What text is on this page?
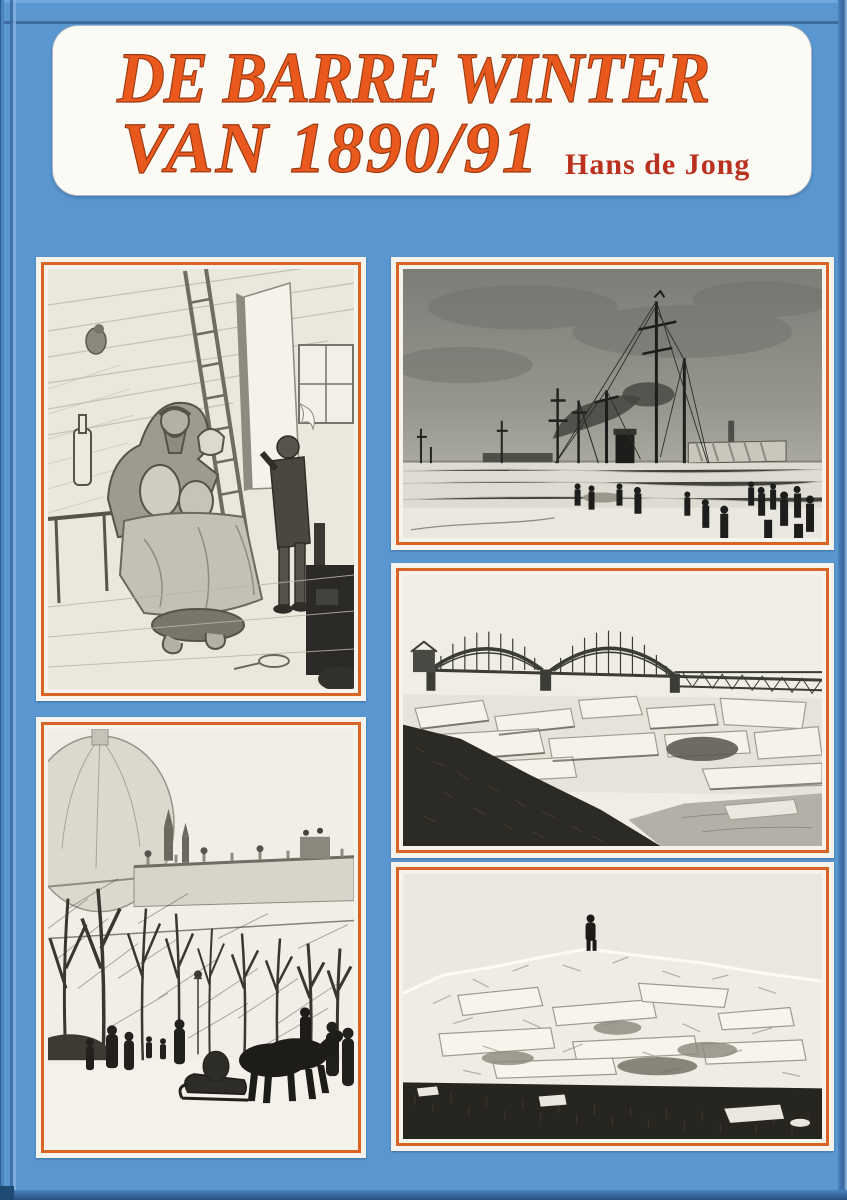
DE BARRE WINTER
VAN 1890/91 Hans de Jong
